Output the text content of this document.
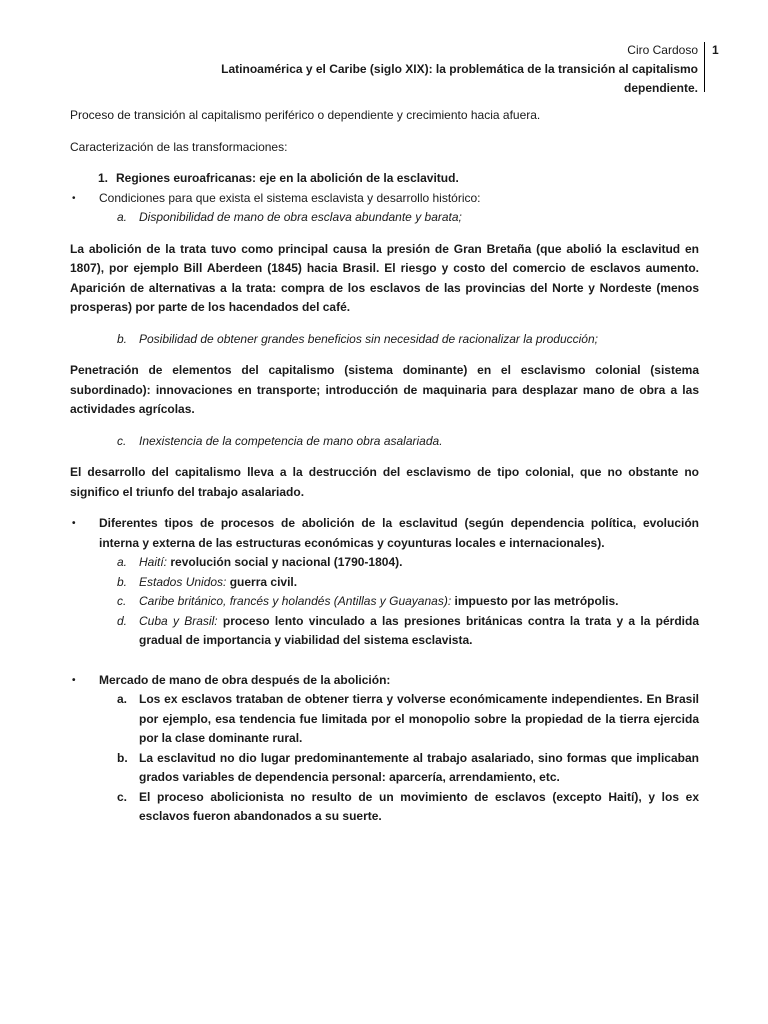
Ciro Cardoso
Latinoamérica y el Caribe (siglo XIX): la problemática de la transición al capitalismo
dependiente.
1

Proceso de transición al capitalismo periférico o dependiente y crecimiento hacia afuera.

Caracterización de las transformaciones:

1. Regiones euroafricanas: eje en la abolición de la esclavitud.
• Condiciones para que exista el sistema esclavista y desarrollo histórico:
a. Disponibilidad de mano de obra esclava abundante y barata;

La abolición de la trata tuvo como principal causa la presión de Gran Bretaña (que abolió la esclavitud en 1807), por ejemplo Bill Aberdeen (1845) hacia Brasil. El riesgo y costo del comercio de esclavos aumento. Aparición de alternativas a la trata: compra de los esclavos de las provincias del Norte y Nordeste (menos prosperas) por parte de los hacendados del café.

b. Posibilidad de obtener grandes beneficios sin necesidad de racionalizar la producción;

Penetración de elementos del capitalismo (sistema dominante) en el esclavismo colonial (sistema subordinado): innovaciones en transporte; introducción de maquinaria para desplazar mano de obra a las actividades agrícolas.

c. Inexistencia de la competencia de mano obra asalariada.

El desarrollo del capitalismo lleva a la destrucción del esclavismo de tipo colonial, que no obstante no significo el triunfo del trabajo asalariado.

• Diferentes tipos de procesos de abolición de la esclavitud (según dependencia política, evolución interna y externa de las estructuras económicas y coyunturas locales e internacionales).
a. Haití: revolución social y nacional (1790-1804).
b. Estados Unidos: guerra civil.
c. Caribe británico, francés y holandés (Antillas y Guayanas): impuesto por las metrópolis.
d. Cuba y Brasil: proceso lento vinculado a las presiones británicas contra la trata y a la pérdida gradual de importancia y viabilidad del sistema esclavista.
• Mercado de mano de obra después de la abolición:
a. Los ex esclavos trataban de obtener tierra y volverse económicamente independientes. En Brasil por ejemplo, esa tendencia fue limitada por el monopolio sobre la propiedad de la tierra ejercida por la clase dominante rural.
b. La esclavitud no dio lugar predominantemente al trabajo asalariado, sino formas que implicaban grados variables de dependencia personal: aparcería, arrendamiento, etc.
c. El proceso abolicionista no resulto de un movimiento de esclavos (excepto Haití), y los ex esclavos fueron abandonados a su suerte.
